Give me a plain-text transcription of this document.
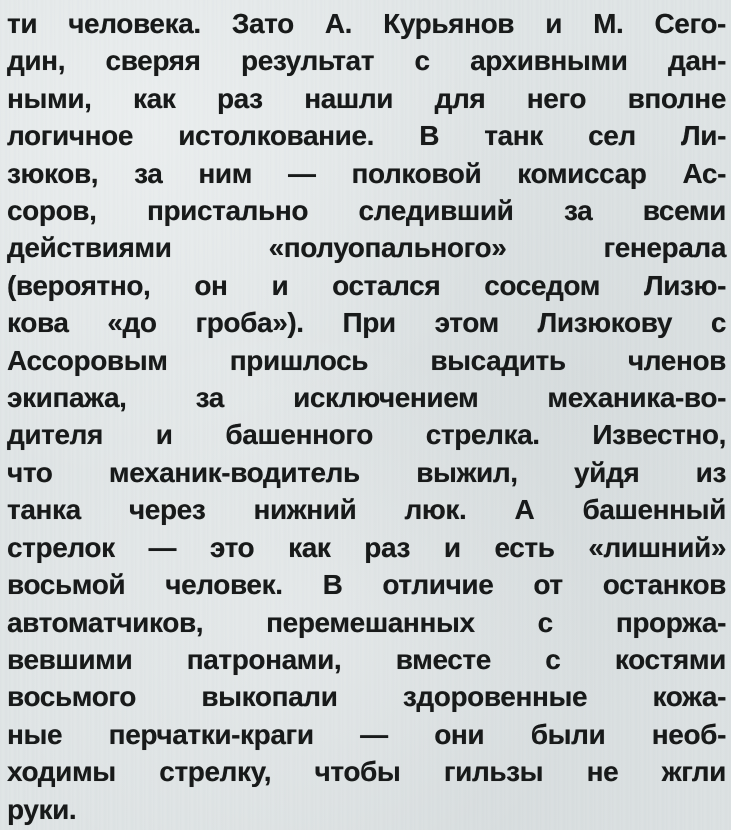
ти человека. Зато А. Курьянов и М. Сего-
дин, сверяя результат с архивными дан-
ными, как раз нашли для него вполне
логичное истолкование. В танк сел Ли-
зюков, за ним — полковой комиссар Ас-
соров, пристально следивший за всеми
действиями «полуопального» генерала
(вероятно, он и остался соседом Лизю-
кова «до гроба»). При этом Лизюкову с
Ассоровым пришлось высадить членов
экипажа, за исключением механика-во-
дителя и башенного стрелка. Известно,
что механик-водитель выжил, уйдя из
танка через нижний люк. А башенный
стрелок — это как раз и есть «лишний»
восьмой человек. В отличие от останков
автоматчиков, перемешанных с проржа-
вевшими патронами, вместе с костями
восьмого выкопали здоровенные кожа-
ные перчатки-краги — они были необ-
ходимы стрелку, чтобы гильзы не жгли
руки.
